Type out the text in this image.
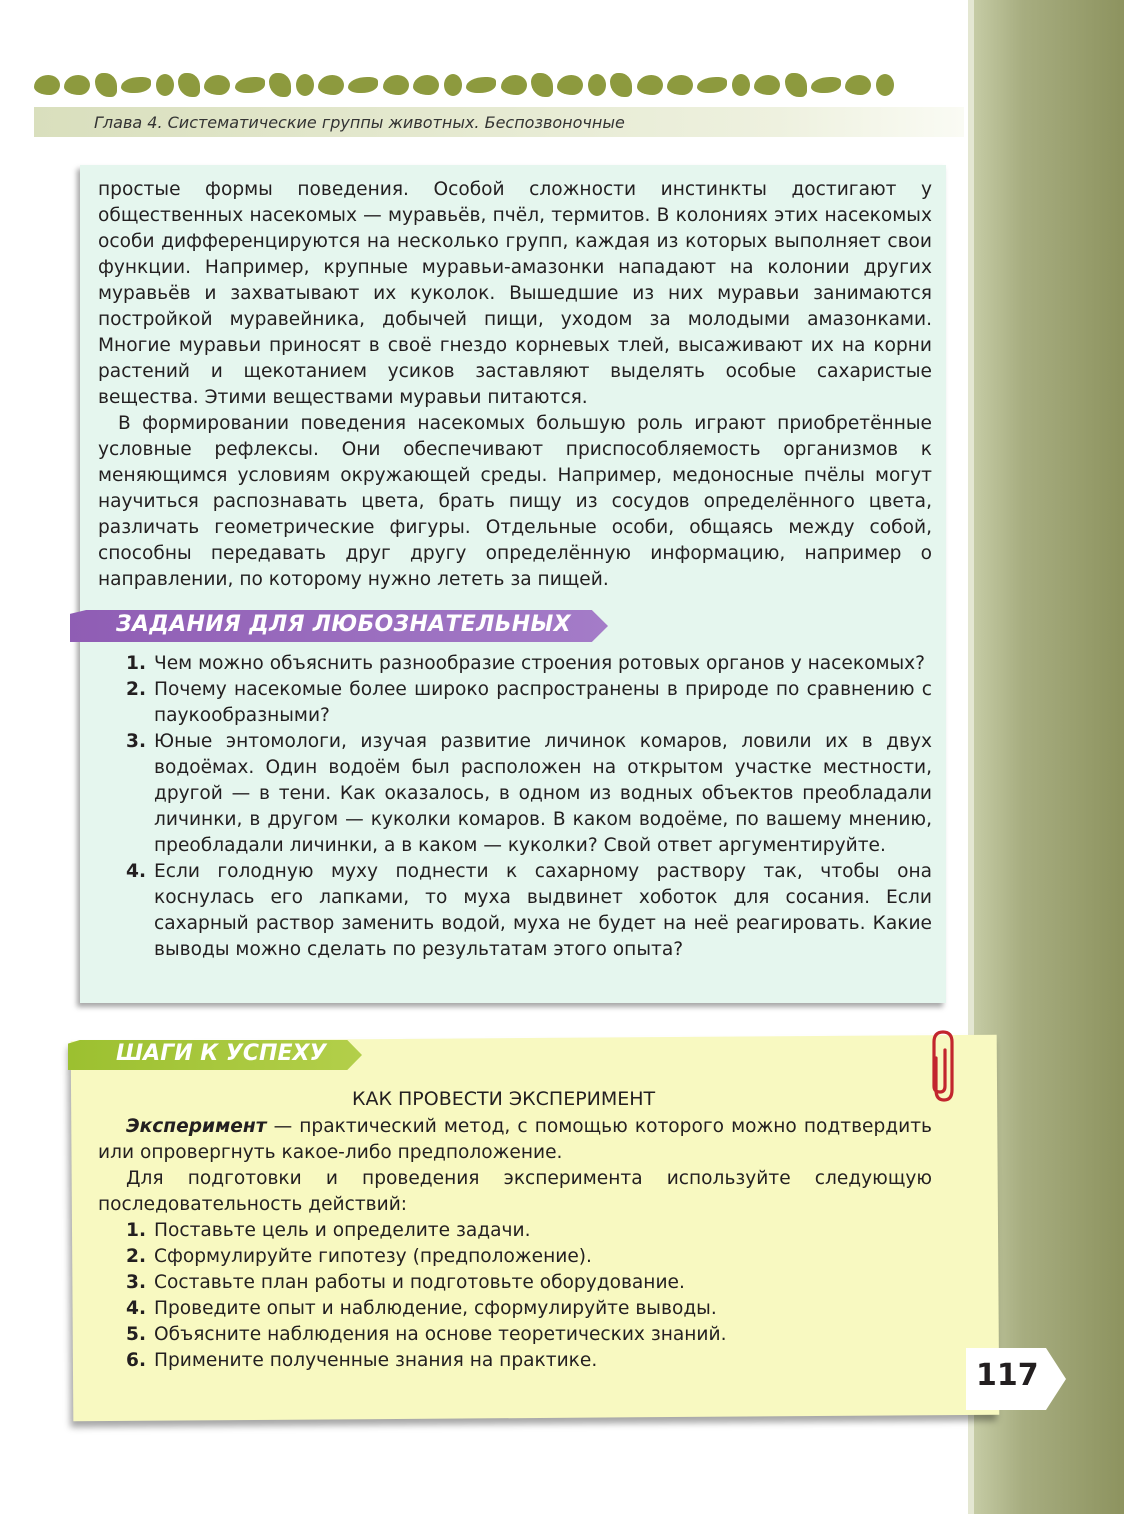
Глава 4. Систематические группы животных. Беспозвоночные

простые формы поведения. Особой сложности инстинкты достигают у общественных насекомых — муравьёв, пчёл, термитов. В колониях этих насекомых особи дифференцируются на несколько групп, каждая из которых выполняет свои функции. Например, крупные муравьи-амазонки нападают на колонии других муравьёв и захватывают их куколок. Вышедшие из них муравьи занимаются постройкой муравейника, добычей пищи, уходом за молодыми амазонками. Многие муравьи приносят в своё гнездо корневых тлей, высаживают их на корни растений и щекотанием усиков заставляют выделять особые сахаристые вещества. Этими веществами муравьи питаются.

В формировании поведения насекомых большую роль играют приобретённые условные рефлексы. Они обеспечивают приспособляемость организмов к меняющимся условиям окружающей среды. Например, медоносные пчёлы могут научиться распознавать цвета, брать пищу из сосудов определённого цвета, различать геометрические фигуры. Отдельные особи, общаясь между собой, способны передавать друг другу определённую информацию, например о направлении, по которому нужно лететь за пищей.

ЗАДАНИЯ ДЛЯ ЛЮБОЗНАТЕЛЬНЫХ
1. Чем можно объяснить разнообразие строения ротовых органов у насекомых?
2. Почему насекомые более широко распространены в природе по сравнению с паукообразными?
3. Юные энтомологи, изучая развитие личинок комаров, ловили их в двух водоёмах. Один водоём был расположен на открытом участке местности, другой — в тени. Как оказалось, в одном из водных объектов преобладали личинки, в другом — куколки комаров. В каком водоёме, по вашему мнению, преобладали личинки, а в каком — куколки? Свой ответ аргументируйте.
4. Если голодную муху поднести к сахарному раствору так, чтобы она коснулась его лапками, то муха выдвинет хоботок для сосания. Если сахарный раствор заменить водой, муха не будет на неё реагировать. Какие выводы можно сделать по результатам этого опыта?
ШАГИ К УСПЕХУ
КАК ПРОВЕСТИ ЭКСПЕРИМЕНТ

Эксперимент — практический метод, с помощью которого можно подтвердить или опровергнуть какое-либо предположение.

Для подготовки и проведения эксперимента используйте следующую последовательность действий:

1. Поставьте цель и определите задачи.
2. Сформулируйте гипотезу (предположение).
3. Составьте план работы и подготовьте оборудование.
4. Проведите опыт и наблюдение, сформулируйте выводы.
5. Объясните наблюдения на основе теоретических знаний.
6. Примените полученные знания на практике.	117
